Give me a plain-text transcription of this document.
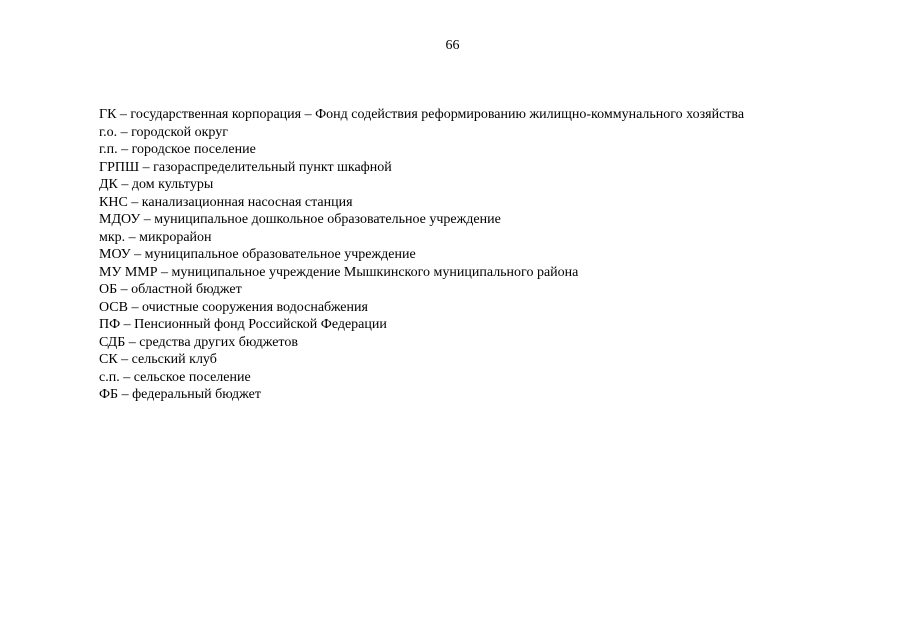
66
ГК – государственная корпорация – Фонд содействия реформированию жилищно-коммунального хозяйства
г.о. – городской округ
г.п. – городское поселение
ГРПШ – газораспределительный пункт шкафной
ДК – дом культуры
КНС – канализационная насосная станция
МДОУ – муниципальное дошкольное образовательное учреждение
мкр. – микрорайон
МОУ – муниципальное образовательное учреждение
МУ ММР – муниципальное учреждение Мышкинского муниципального района
ОБ – областной бюджет
ОСВ – очистные сооружения водоснабжения
ПФ – Пенсионный фонд Российской Федерации
СДБ – средства других бюджетов
СК – сельский клуб
с.п. – сельское поселение
ФБ – федеральный бюджет
